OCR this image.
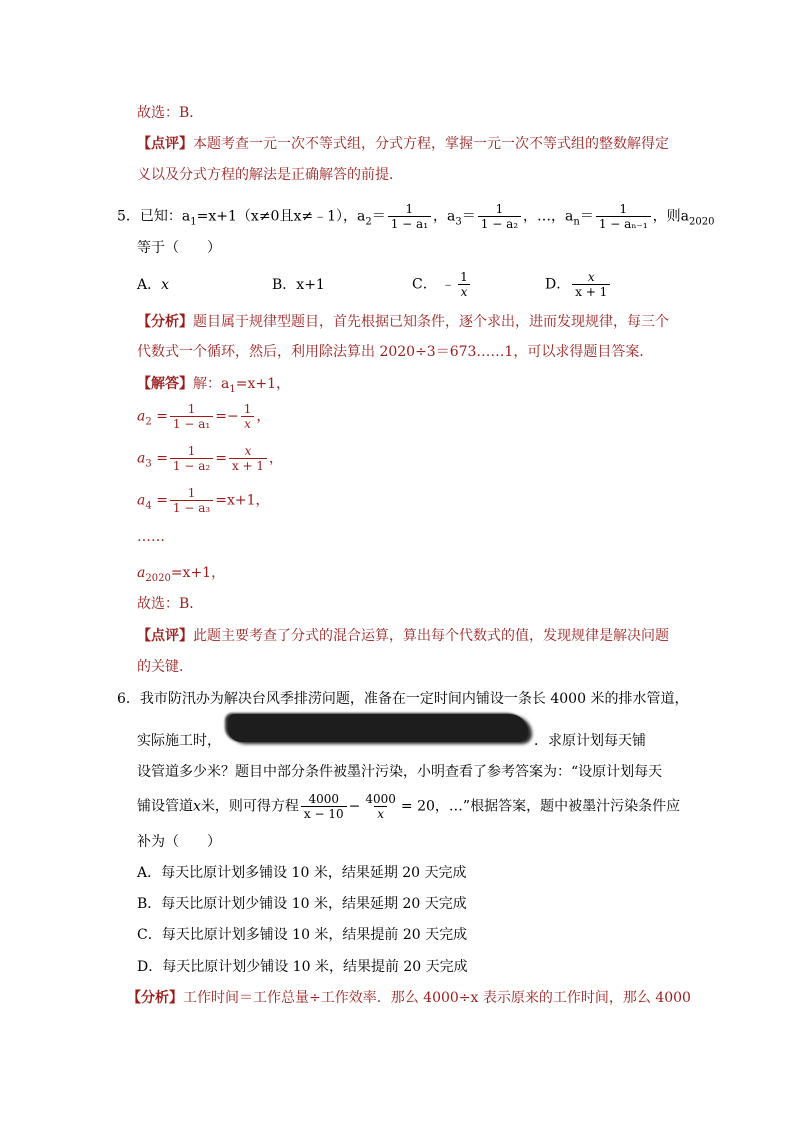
故选：B．
【点评】本题考查一元一次不等式组，分式方程，掌握一元一次不等式组的整数解得定
义以及分式方程的解法是正确解答的前提．
5．已知：$a_1=x+1(x\ne 0$且x≠﹣1），$a_2= \frac{1}{\text{1 − a₁}}$ ，$a_3= \frac{1}{\text{1 − a₂}}$ ，…，$a_n= \frac{1}{\text{1 − aₙ₋₁}}$ ，则$a_{2020}$
等于（　　）
A．x	B．x+1	C． ﹣ $\frac{1}{x}$	D． $\frac{x}{x + 1}$
【分析】题目属于规律型题目，首先根据已知条件，逐个求出，进而发现规律，每三个
代数式一个循环，然后，利用除法算出 2020÷3＝673……1，可以求得题目答案．
【解答】解：$a_1=x+1$，
$a_2 = \frac{1}{\text{1 − a₁}} =- \frac{1}{x}$ ，
$a_3 = \frac{1}{\text{1 − a₂}} = \frac{x}{x + 1}$ ，
$a_4 = \frac{1}{\text{1 − a₃}} =x+1$，
……
$a_{2020}=x+1$，
故选：B．
【点评】此题主要考查了分式的混合运算，算出每个代数式的值，发现规律是解决问题
的关键．
6．我市防汛办为解决台风季排涝问题，准备在一定时间内铺设一条长 4000 米的排水管道，
实际施工时，	．求原计划每天铺
设管道多少米？题目中部分条件被墨汁污染，小明查看了参考答案为：“设原计划每天
铺设管道x米，则可得方程 $\frac{4000}{x - 10} - \frac{4000}{x} = 20$，…”根据答案，题中被墨汁污染条件应
补为（　　）
A．每天比原计划多铺设 10 米，结果延期 20 天完成
B．每天比原计划少铺设 10 米，结果延期 20 天完成
C．每天比原计划多铺设 10 米，结果提前 20 天完成
D．每天比原计划少铺设 10 米，结果提前 20 天完成
【分析】工作时间＝工作总量÷工作效率．那么 4000÷x 表示原来的工作时间，那么 4000
